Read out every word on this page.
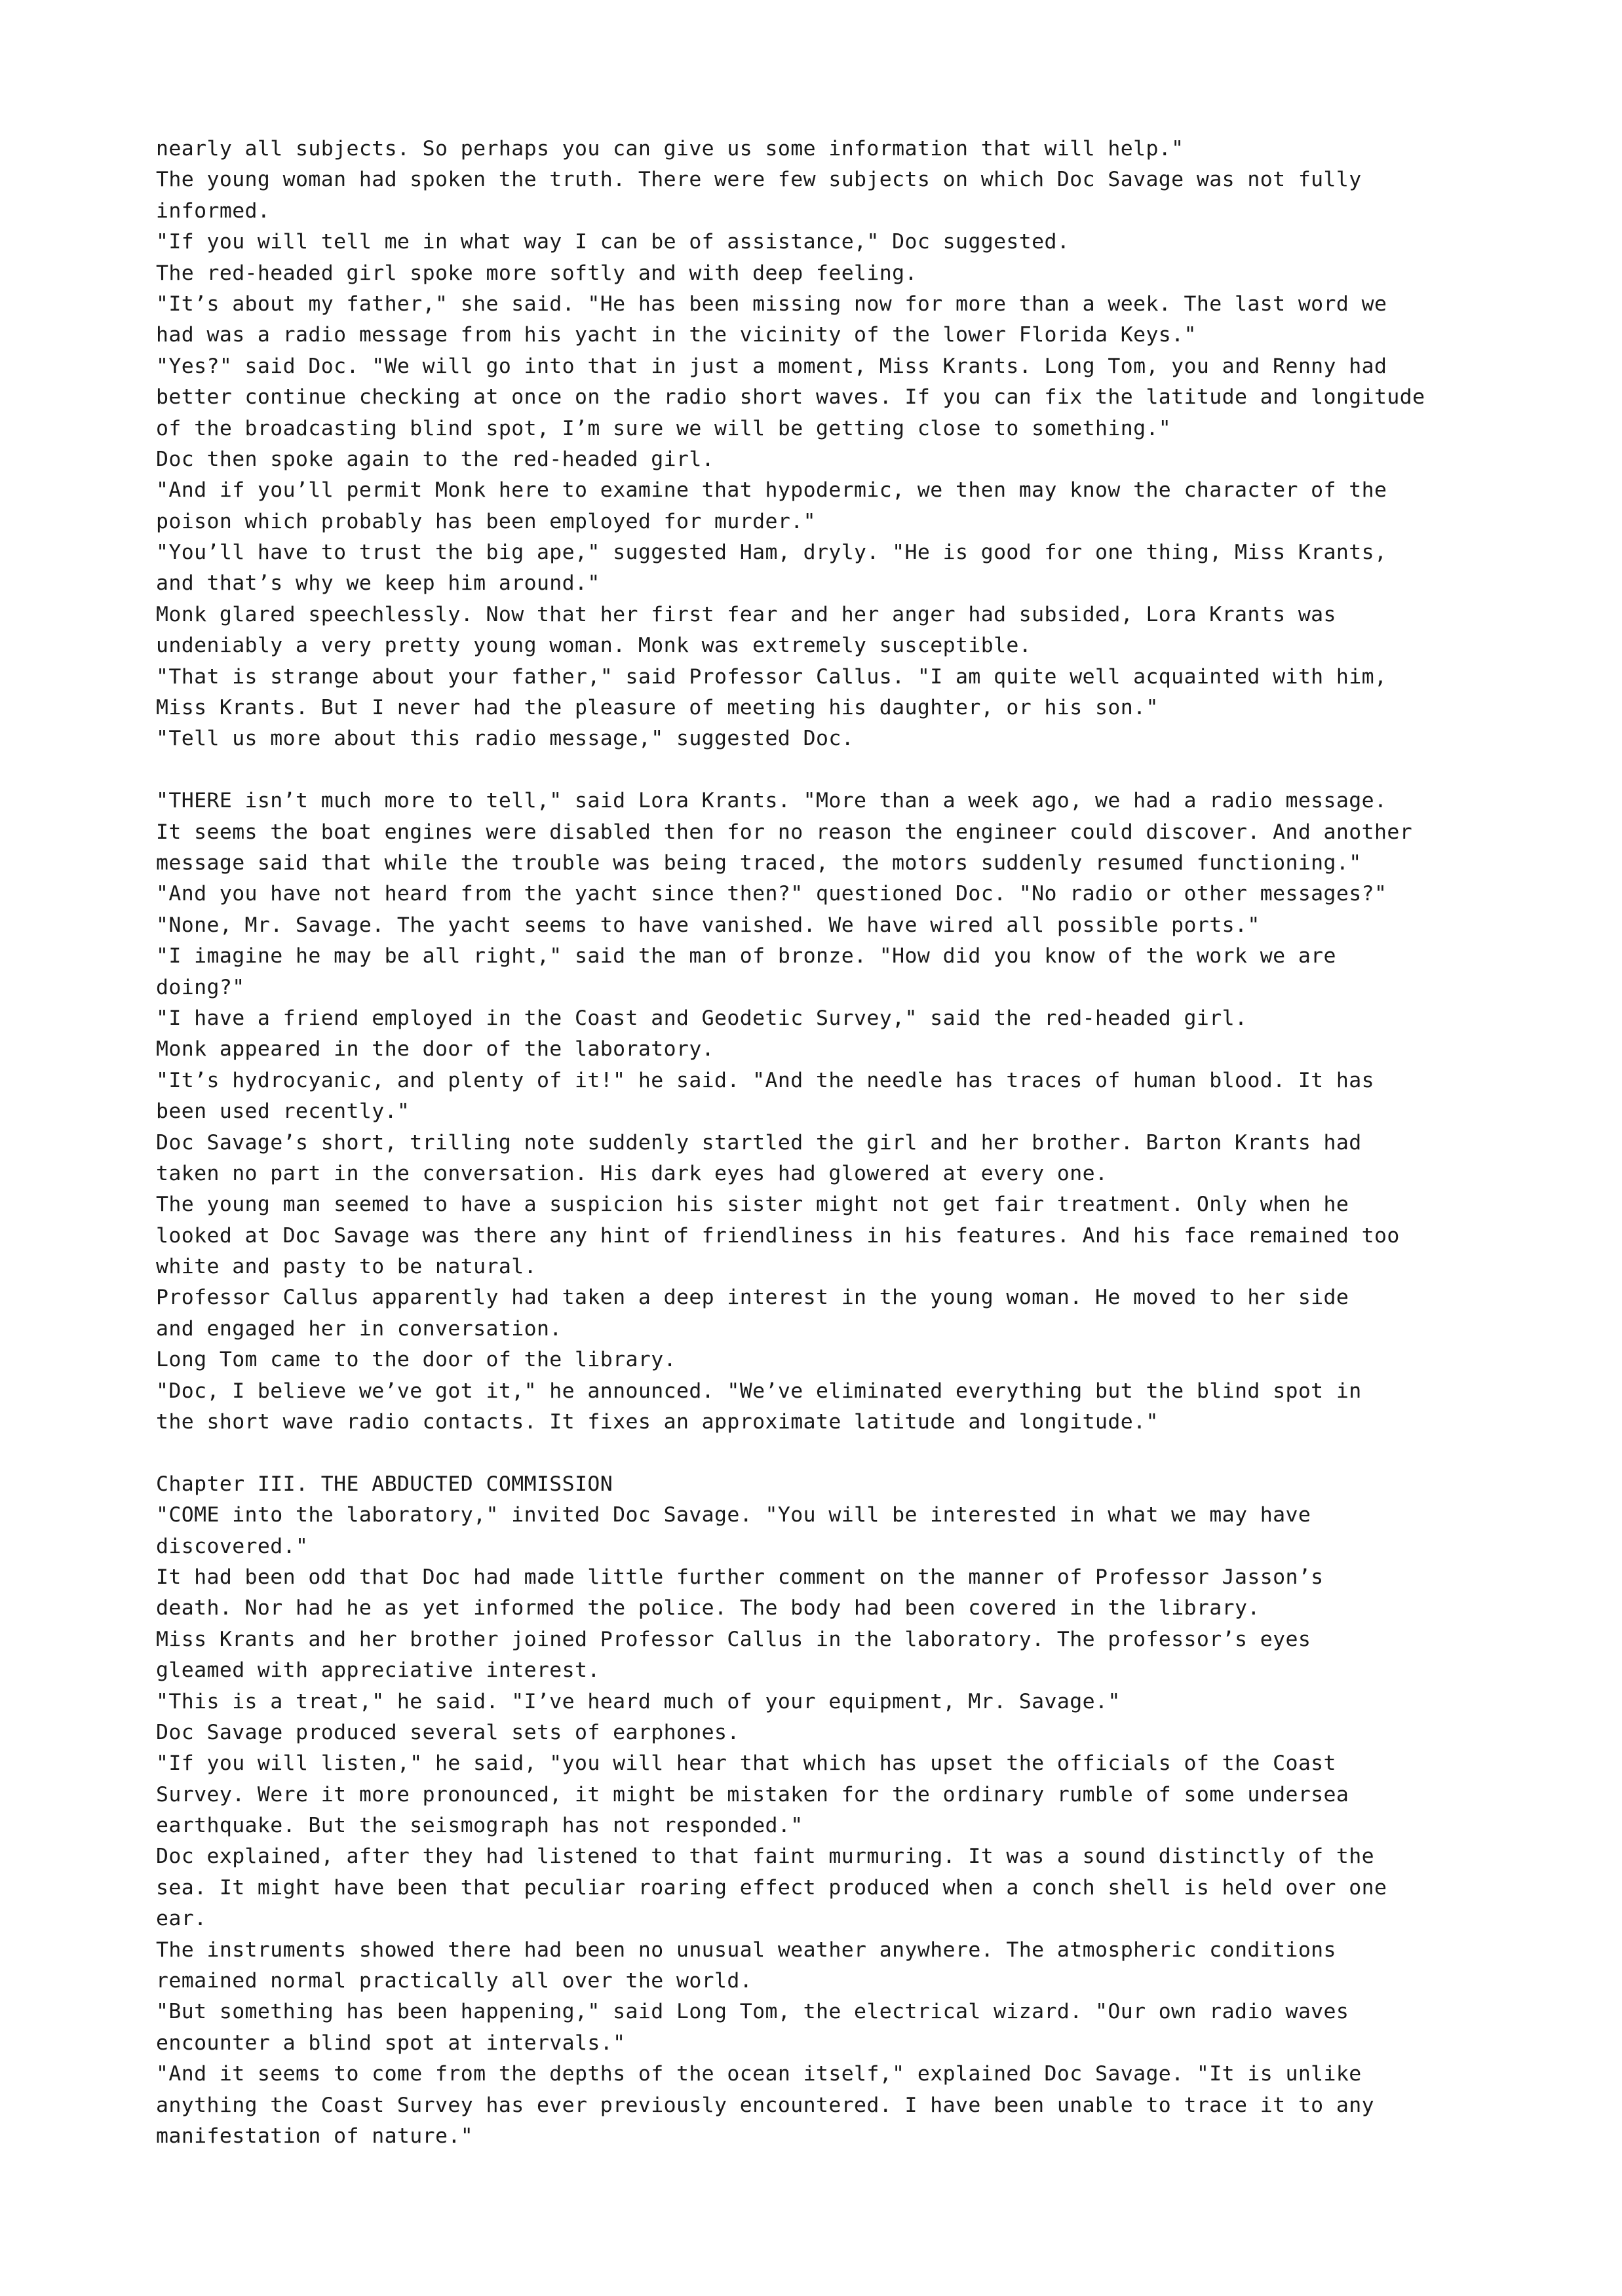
nearly all subjects. So perhaps you can give us some information that will help."
The young woman had spoken the truth. There were few subjects on which Doc Savage was not fully
informed.
"If you will tell me in what way I can be of assistance," Doc suggested.
The red-headed girl spoke more softly and with deep feeling.
"It’s about my father," she said. "He has been missing now for more than a week. The last word we
had was a radio message from his yacht in the vicinity of the lower Florida Keys."
"Yes?" said Doc. "We will go into that in just a moment, Miss Krants. Long Tom, you and Renny had
better continue checking at once on the radio short waves. If you can fix the latitude and longitude
of the broadcasting blind spot, I’m sure we will be getting close to something."
Doc then spoke again to the red-headed girl.
"And if you’ll permit Monk here to examine that hypodermic, we then may know the character of the
poison which probably has been employed for murder."
"You’ll have to trust the big ape," suggested Ham, dryly. "He is good for one thing, Miss Krants,
and that’s why we keep him around."
Monk glared speechlessly. Now that her first fear and her anger had subsided, Lora Krants was
undeniably a very pretty young woman. Monk was extremely susceptible.
"That is strange about your father," said Professor Callus. "I am quite well acquainted with him,
Miss Krants. But I never had the pleasure of meeting his daughter, or his son."
"Tell us more about this radio message," suggested Doc.
"THERE isn’t much more to tell," said Lora Krants. "More than a week ago, we had a radio message.
It seems the boat engines were disabled then for no reason the engineer could discover. And another
message said that while the trouble was being traced, the motors suddenly resumed functioning."
"And you have not heard from the yacht since then?" questioned Doc. "No radio or other messages?"
"None, Mr. Savage. The yacht seems to have vanished. We have wired all possible ports."
"I imagine he may be all right," said the man of bronze. "How did you know of the work we are
doing?"
"I have a friend employed in the Coast and Geodetic Survey," said the red-headed girl.
Monk appeared in the door of the laboratory.
"It’s hydrocyanic, and plenty of it!" he said. "And the needle has traces of human blood. It has
been used recently."
Doc Savage’s short, trilling note suddenly startled the girl and her brother. Barton Krants had
taken no part in the conversation. His dark eyes had glowered at every one.
The young man seemed to have a suspicion his sister might not get fair treatment. Only when he
looked at Doc Savage was there any hint of friendliness in his features. And his face remained too
white and pasty to be natural.
Professor Callus apparently had taken a deep interest in the young woman. He moved to her side
and engaged her in conversation.
Long Tom came to the door of the library.
"Doc, I believe we’ve got it," he announced. "We’ve eliminated everything but the blind spot in
the short wave radio contacts. It fixes an approximate latitude and longitude."
Chapter III. THE ABDUCTED COMMISSION
"COME into the laboratory," invited Doc Savage. "You will be interested in what we may have
discovered."
It had been odd that Doc had made little further comment on the manner of Professor Jasson’s
death. Nor had he as yet informed the police. The body had been covered in the library.
Miss Krants and her brother joined Professor Callus in the laboratory. The professor’s eyes
gleamed with appreciative interest.
"This is a treat," he said. "I’ve heard much of your equipment, Mr. Savage."
Doc Savage produced several sets of earphones.
"If you will listen," he said, "you will hear that which has upset the officials of the Coast
Survey. Were it more pronounced, it might be mistaken for the ordinary rumble of some undersea
earthquake. But the seismograph has not responded."
Doc explained, after they had listened to that faint murmuring. It was a sound distinctly of the
sea. It might have been that peculiar roaring effect produced when a conch shell is held over one
ear.
The instruments showed there had been no unusual weather anywhere. The atmospheric conditions
remained normal practically all over the world.
"But something has been happening," said Long Tom, the electrical wizard. "Our own radio waves
encounter a blind spot at intervals."
"And it seems to come from the depths of the ocean itself," explained Doc Savage. "It is unlike
anything the Coast Survey has ever previously encountered. I have been unable to trace it to any
manifestation of nature."
